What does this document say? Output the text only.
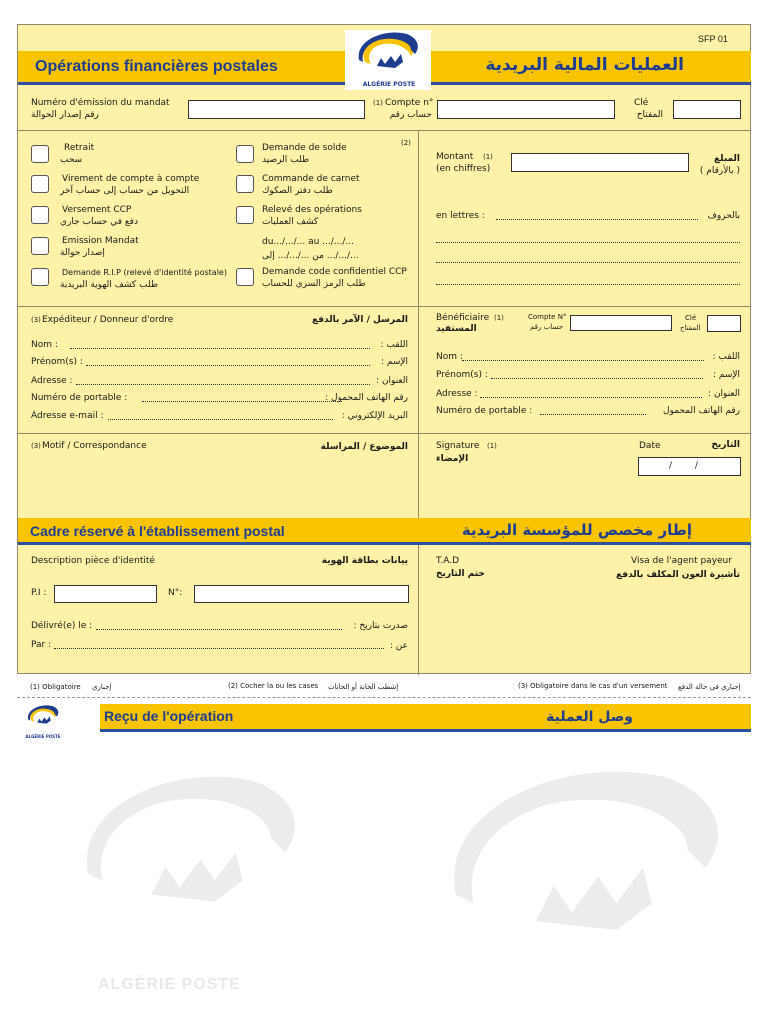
SFP 01
Opérations financières postales	العمليات المالية البريدية
ALGÉRIE POSTE
Numéro d'émission du mandat
رقم إصدار الحوالة
(1) Compte n°
حساب رقم
Clé
المفتاح
(2)
Retrait
سحب
Virement de compte à compte
التحويل من حساب إلى حساب آخر
Versement CCP
دفع في حساب جاري
Emission Mandat
إصدار حوالة
Demande R.I.P (relevé d'identité postale)
طلب كشف الهوية البريدية
Demande de solde
طلب الرصيد
Commande de carnet
طلب دفتر الصكوك
Relevé des opérations
كشف العمليات
du.../.../... au .../.../...
من .../.../... إلى .../.../...
Demande code confidentiel CCP
طلب الرمز السري للحساب
Montant (1)
(en chiffres)
المبلغ
( بالأرقام )
en lettres :	بالحروف
(3) Expéditeur / Donneur d'ordre	المرسل / الآمر بالدفع
Nom :	اللقب :
Prénom(s) :	الإسم :
Adresse :	العنوان :
Numéro de portable :	رقم الهاتف المحمول :
Adresse e-mail :	البريد الإلكتروني :
Bénéficiaire (1)
المستفيد
Compte N°
حساب رقم
Clé
المفتاح
Nom :	اللقب :
Prénom(s) :	الإسم :
Adresse :	العنوان :
Numéro de portable :	رقم الهاتف المحمول
(3) Motif / Correspondance	الموضوع / المراسلة	Signature (1)
الإمضاء
Date	التاريخ
/        /
Cadre réservé à l'établissement postal	إطار مخصص للمؤسسة البريدية
Description pièce d'identité	بيانات بطاقة الهوية
P.I :	N°:
Délivré(e) le :	صدرت بتاريخ :
Par :	عن :
T.A.D
ختم التاريخ
Visa de l'agent payeur
تأشيرة العون المكلف بالدفع
(1) Obligatoire إجباري	(2) Cocher la ou les cases إشطب الخانة أو الخانات	(3) Obligatoire dans le cas d'un versement إجباري في حالة الدفع
Reçu de l'opération	وصل العملية
ALGÉRIE POSTE
ALGÉRIE POSTE
